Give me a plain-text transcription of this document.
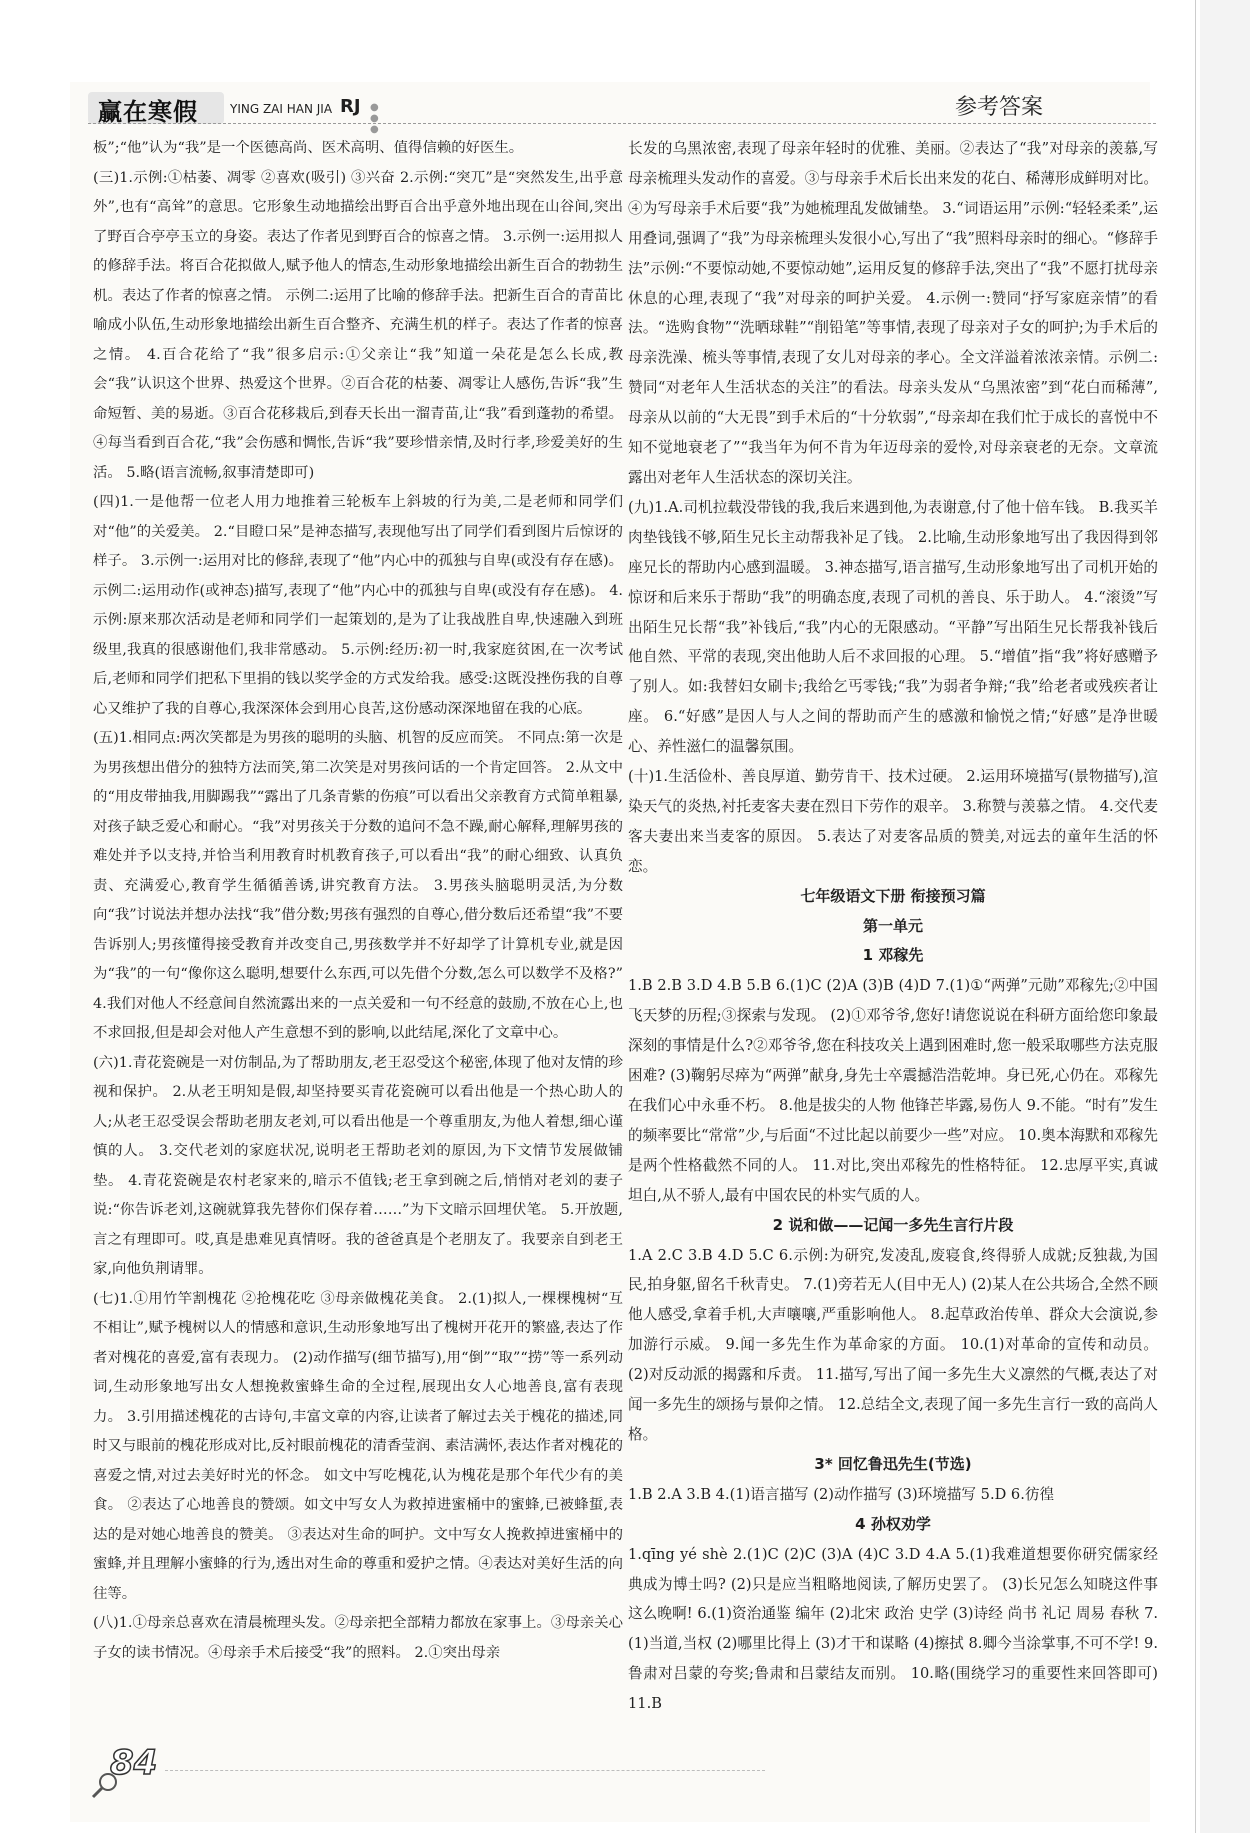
赢在寒假	YING ZAI HAN JIA RJ ● ● ●
参考答案

板”;“他”认为“我”是一个医德高尚、医术高明、值得信赖的好医生。

(三)1.示例:①枯萎、凋零 ②喜欢(吸引) ③兴奋 2.示例:“突兀”是“突然发生,出乎意外”,也有“高耸”的意思。它形象生动地描绘出野百合出乎意外地出现在山谷间,突出了野百合亭亭玉立的身姿。表达了作者见到野百合的惊喜之情。 3.示例一:运用拟人的修辞手法。将百合花拟做人,赋予他人的情态,生动形象地描绘出新生百合的勃勃生机。表达了作者的惊喜之情。 示例二:运用了比喻的修辞手法。把新生百合的青苗比喻成小队伍,生动形象地描绘出新生百合整齐、充满生机的样子。表达了作者的惊喜之情。 4.百合花给了“我”很多启示:①父亲让“我”知道一朵花是怎么长成,教会“我”认识这个世界、热爱这个世界。②百合花的枯萎、凋零让人感伤,告诉“我”生命短暂、美的易逝。③百合花移栽后,到春天长出一溜青苗,让“我”看到蓬勃的希望。④每当看到百合花,“我”会伤感和惆怅,告诉“我”要珍惜亲情,及时行孝,珍爱美好的生活。 5.略(语言流畅,叙事清楚即可)

(四)1.一是他帮一位老人用力地推着三轮板车上斜坡的行为美,二是老师和同学们对“他”的关爱美。 2.“目瞪口呆”是神态描写,表现他写出了同学们看到图片后惊讶的样子。 3.示例一:运用对比的修辞,表现了“他”内心中的孤独与自卑(或没有存在感)。 示例二:运用动作(或神态)描写,表现了“他”内心中的孤独与自卑(或没有存在感)。 4.示例:原来那次活动是老师和同学们一起策划的,是为了让我战胜自卑,快速融入到班级里,我真的很感谢他们,我非常感动。 5.示例:经历:初一时,我家庭贫困,在一次考试后,老师和同学们把私下里捐的钱以奖学金的方式发给我。感受:这既没挫伤我的自尊心又维护了我的自尊心,我深深体会到用心良苦,这份感动深深地留在我的心底。

(五)1.相同点:两次笑都是为男孩的聪明的头脑、机智的反应而笑。 不同点:第一次是为男孩想出借分的独特方法而笑,第二次笑是对男孩问话的一个肯定回答。 2.从文中的“用皮带抽我,用脚踢我”“露出了几条青紫的伤痕”可以看出父亲教育方式简单粗暴,对孩子缺乏爱心和耐心。“我”对男孩关于分数的追问不急不躁,耐心解释,理解男孩的难处并予以支持,并恰当利用教育时机教育孩子,可以看出“我”的耐心细致、认真负责、充满爱心,教育学生循循善诱,讲究教育方法。 3.男孩头脑聪明灵活,为分数向“我”讨说法并想办法找“我”借分数;男孩有强烈的自尊心,借分数后还希望“我”不要告诉别人;男孩懂得接受教育并改变自己,男孩数学并不好却学了计算机专业,就是因为“我”的一句“像你这么聪明,想要什么东西,可以先借个分数,怎么可以数学不及格?” 4.我们对他人不经意间自然流露出来的一点关爱和一句不经意的鼓励,不放在心上,也不求回报,但是却会对他人产生意想不到的影响,以此结尾,深化了文章中心。

(六)1.青花瓷碗是一对仿制品,为了帮助朋友,老王忍受这个秘密,体现了他对友情的珍视和保护。 2.从老王明知是假,却坚持要买青花瓷碗可以看出他是一个热心助人的人;从老王忍受误会帮助老朋友老刘,可以看出他是一个尊重朋友,为他人着想,细心谨慎的人。 3.交代老刘的家庭状况,说明老王帮助老刘的原因,为下文情节发展做铺垫。 4.青花瓷碗是农村老家来的,暗示不值钱;老王拿到碗之后,悄悄对老刘的妻子说:“你告诉老刘,这碗就算我先替你们保存着……”为下文暗示回埋伏笔。 5.开放题,言之有理即可。哎,真是患难见真情呀。我的爸爸真是个老朋友了。我要亲自到老王家,向他负荆请罪。

(七)1.①用竹竿割槐花 ②抢槐花吃 ③母亲做槐花美食。 2.(1)拟人,一棵棵槐树“互不相让”,赋予槐树以人的情感和意识,生动形象地写出了槐树开花开的繁盛,表达了作者对槐花的喜爱,富有表现力。 (2)动作描写(细节描写),用“倒”“取”“捞”等一系列动词,生动形象地写出女人想挽救蜜蜂生命的全过程,展现出女人心地善良,富有表现力。 3.引用描述槐花的古诗句,丰富文章的内容,让读者了解过去关于槐花的描述,同时又与眼前的槐花形成对比,反衬眼前槐花的清香莹润、素洁满怀,表达作者对槐花的喜爱之情,对过去美好时光的怀念。 如文中写吃槐花,认为槐花是那个年代少有的美食。 ②表达了心地善良的赞颂。如文中写女人为救掉进蜜桶中的蜜蜂,已被蜂蜇,表达的是对她心地善良的赞美。 ③表达对生命的呵护。文中写女人挽救掉进蜜桶中的蜜蜂,并且理解小蜜蜂的行为,透出对生命的尊重和爱护之情。④表达对美好生活的向往等。

(八)1.①母亲总喜欢在清晨梳理头发。②母亲把全部精力都放在家事上。③母亲关心子女的读书情况。④母亲手术后接受“我”的照料。 2.①突出母亲

长发的乌黑浓密,表现了母亲年轻时的优雅、美丽。②表达了“我”对母亲的羡慕,写母亲梳理头发动作的喜爱。③与母亲手术后长出来发的花白、稀薄形成鲜明对比。④为写母亲手术后要“我”为她梳理乱发做铺垫。 3.“词语运用”示例:“轻轻柔柔”,运用叠词,强调了“我”为母亲梳理头发很小心,写出了“我”照料母亲时的细心。“修辞手法”示例:“不要惊动她,不要惊动她”,运用反复的修辞手法,突出了“我”不愿打扰母亲休息的心理,表现了“我”对母亲的呵护关爱。 4.示例一:赞同“抒写家庭亲情”的看法。“选购食物”“洗晒球鞋”“削铅笔”等事情,表现了母亲对子女的呵护;为手术后的母亲洗澡、梳头等事情,表现了女儿对母亲的孝心。全文洋溢着浓浓亲情。示例二:赞同“对老年人生活状态的关注”的看法。母亲头发从“乌黑浓密”到“花白而稀薄”,母亲从以前的“大无畏”到手术后的“十分软弱”,“母亲却在我们忙于成长的喜悦中不知不觉地衰老了”“我当年为何不肯为年迈母亲的爱怜,对母亲衰老的无奈。文章流露出对老年人生活状态的深切关注。

(九)1.A.司机拉载没带钱的我,我后来遇到他,为表谢意,付了他十倍车钱。 B.我买羊肉垫钱钱不够,陌生兄长主动帮我补足了钱。 2.比喻,生动形象地写出了我因得到邻座兄长的帮助内心感到温暖。 3.神态描写,语言描写,生动形象地写出了司机开始的惊讶和后来乐于帮助“我”的明确态度,表现了司机的善良、乐于助人。 4.“滚烫”写出陌生兄长帮“我”补钱后,“我”内心的无限感动。“平静”写出陌生兄长帮我补钱后他自然、平常的表现,突出他助人后不求回报的心理。 5.“增值”指“我”将好感赠予了别人。如:我替妇女刷卡;我给乞丐零钱;“我”为弱者争辩;“我”给老者或残疾者让座。 6.“好感”是因人与人之间的帮助而产生的感激和愉悦之情;“好感”是净世暖心、养性滋仁的温馨氛围。

(十)1.生活俭朴、善良厚道、勤劳肯干、技术过硬。 2.运用环境描写(景物描写),渲染天气的炎热,衬托麦客夫妻在烈日下劳作的艰辛。 3.称赞与羡慕之情。 4.交代麦客夫妻出来当麦客的原因。 5.表达了对麦客品质的赞美,对远去的童年生活的怀恋。

七年级语文下册 衔接预习篇

第一单元

1 邓稼先

1.B 2.B 3.D 4.B 5.B 6.(1)C (2)A (3)B (4)D 7.(1)①“两弹”元勋”邓稼先;②中国飞天梦的历程;③探索与发现。 (2)①邓爷爷,您好!请您说说在科研方面给您印象最深刻的事情是什么?②邓爷爷,您在科技攻关上遇到困难时,您一般采取哪些方法克服困难? (3)鞠躬尽瘁为“两弹”献身,身先士卒震撼浩浩乾坤。身已死,心仍在。邓稼先在我们心中永垂不朽。 8.他是拔尖的人物 他锋芒毕露,易伤人 9.不能。“时有”发生的频率要比“常常”少,与后面“不过比起以前要少一些”对应。 10.奥本海默和邓稼先是两个性格截然不同的人。 11.对比,突出邓稼先的性格特征。 12.忠厚平实,真诚坦白,从不骄人,最有中国农民的朴实气质的人。

2 说和做——记闻一多先生言行片段

1.A 2.C 3.B 4.D 5.C 6.示例:为研究,发凌乱,废寝食,终得骄人成就;反独裁,为国民,拍身躯,留名千秋青史。 7.(1)旁若无人(目中无人) (2)某人在公共场合,全然不顾他人感受,拿着手机,大声嚷嚷,严重影响他人。 8.起草政治传单、群众大会演说,参加游行示威。 9.闻一多先生作为革命家的方面。 10.(1)对革命的宣传和动员。 (2)对反动派的揭露和斥责。 11.描写,写出了闻一多先生大义凛然的气概,表达了对闻一多先生的颂扬与景仰之情。 12.总结全文,表现了闻一多先生言行一致的高尚人格。

3* 回忆鲁迅先生(节选)

1.B 2.A 3.B 4.(1)语言描写 (2)动作描写 (3)环境描写 5.D 6.彷徨

4 孙权劝学

1.qīng yé shè 2.(1)C (2)C (3)A (4)C 3.D 4.A 5.(1)我难道想要你研究儒家经典成为博士吗? (2)只是应当粗略地阅读,了解历史罢了。 (3)长兄怎么知晓这件事这么晚啊! 6.(1)资治通鉴 编年 (2)北宋 政治 史学 (3)诗经 尚书 礼记 周易 春秋 7.(1)当道,当权 (2)哪里比得上 (3)才干和谋略 (4)擦拭 8.卿今当涂掌事,不可不学! 9.鲁肃对吕蒙的夸奖;鲁肃和吕蒙结友而别。 10.略(围绕学习的重要性来回答即可) 11.B

84
